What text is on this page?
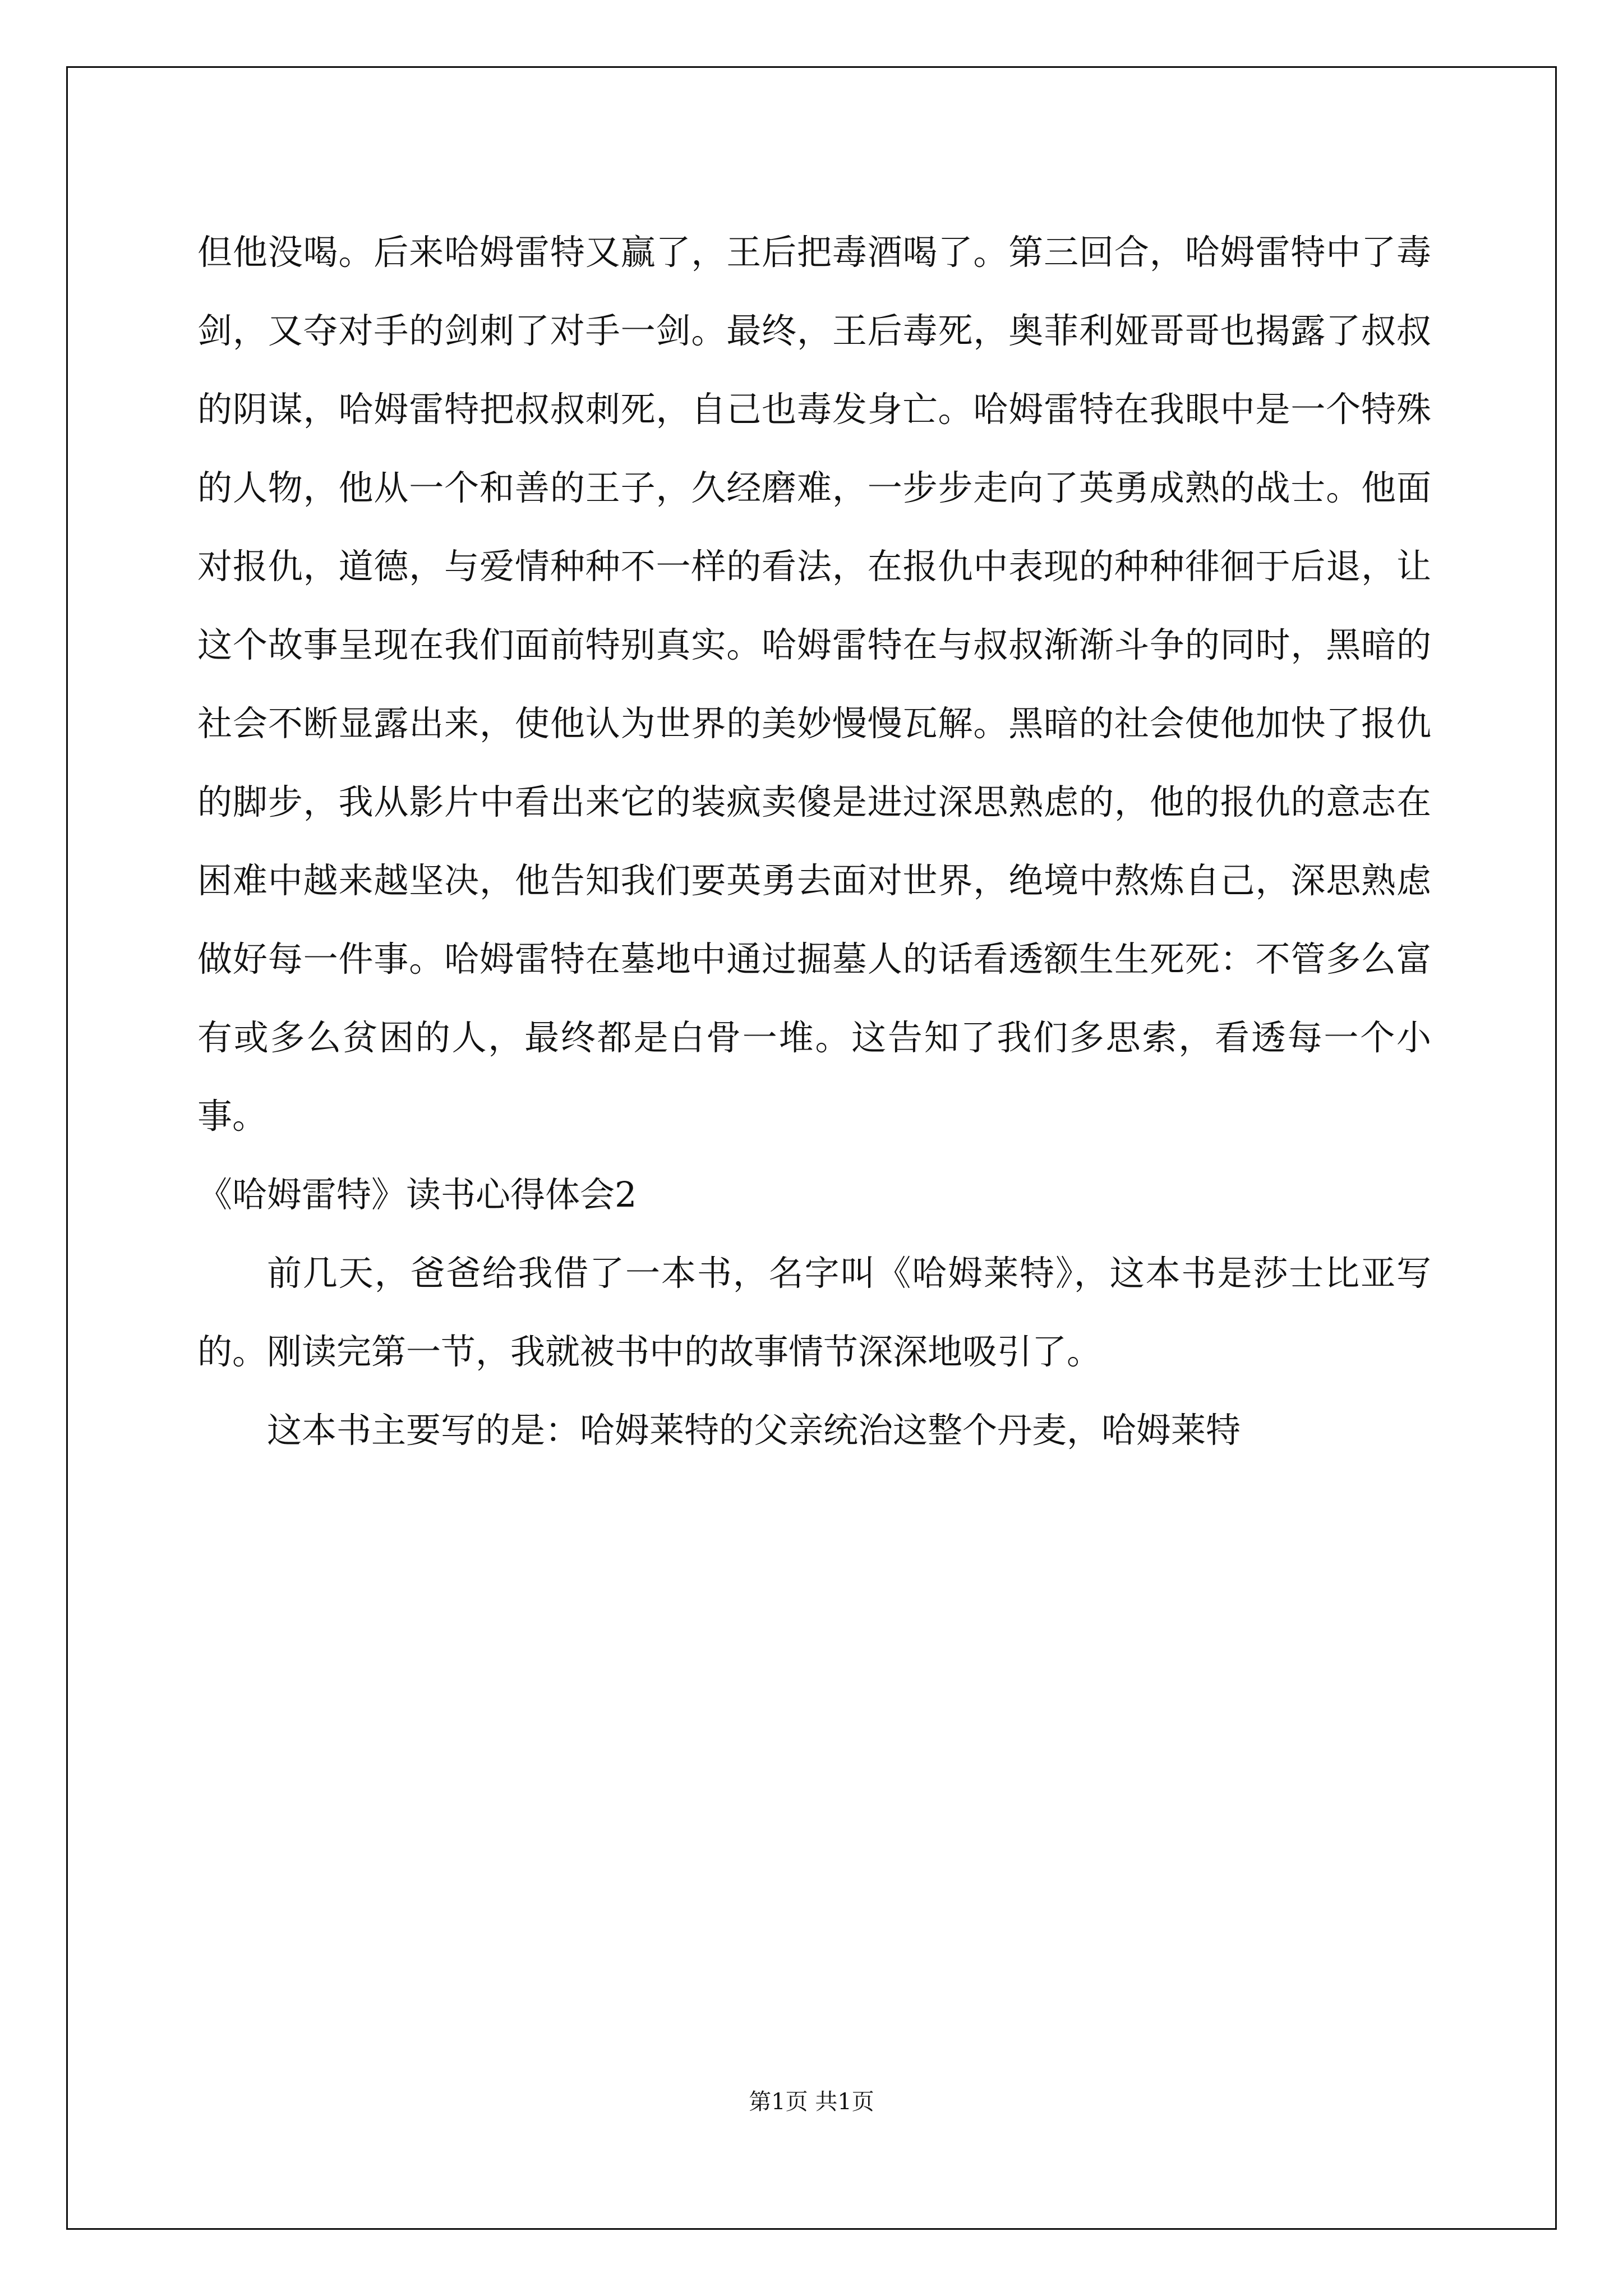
但他没喝。后来哈姆雷特又赢了，王后把毒酒喝了。第三回合，哈姆雷特中了毒剑，又夺对手的剑刺了对手一剑。最终，王后毒死，奥菲利娅哥哥也揭露了叔叔的阴谋，哈姆雷特把叔叔刺死，自己也毒发身亡。哈姆雷特在我眼中是一个特殊的人物，他从一个和善的王子，久经磨难，一步步走向了英勇成熟的战士。他面对报仇，道德，与爱情种种不一样的看法，在报仇中表现的种种徘徊于后退，让这个故事呈现在我们面前特别真实。哈姆雷特在与叔叔渐渐斗争的同时，黑暗的社会不断显露出来，使他认为世界的美妙慢慢瓦解。黑暗的社会使他加快了报仇的脚步，我从影片中看出来它的装疯卖傻是进过深思熟虑的，他的报仇的意志在困难中越来越坚决，他告知我们要英勇去面对世界，绝境中熬炼自己，深思熟虑做好每一件事。哈姆雷特在墓地中通过掘墓人的话看透额生生死死：不管多么富有或多么贫困的人，最终都是白骨一堆。这告知了我们多思索，看透每一个小事。

《哈姆雷特》读书心得体会2

前几天，爸爸给我借了一本书，名字叫《哈姆莱特》，这本书是莎士比亚写的。刚读完第一节，我就被书中的故事情节深深地吸引了。

这本书主要写的是：哈姆莱特的父亲统治这整个丹麦，哈姆莱特

第1页 共1页
